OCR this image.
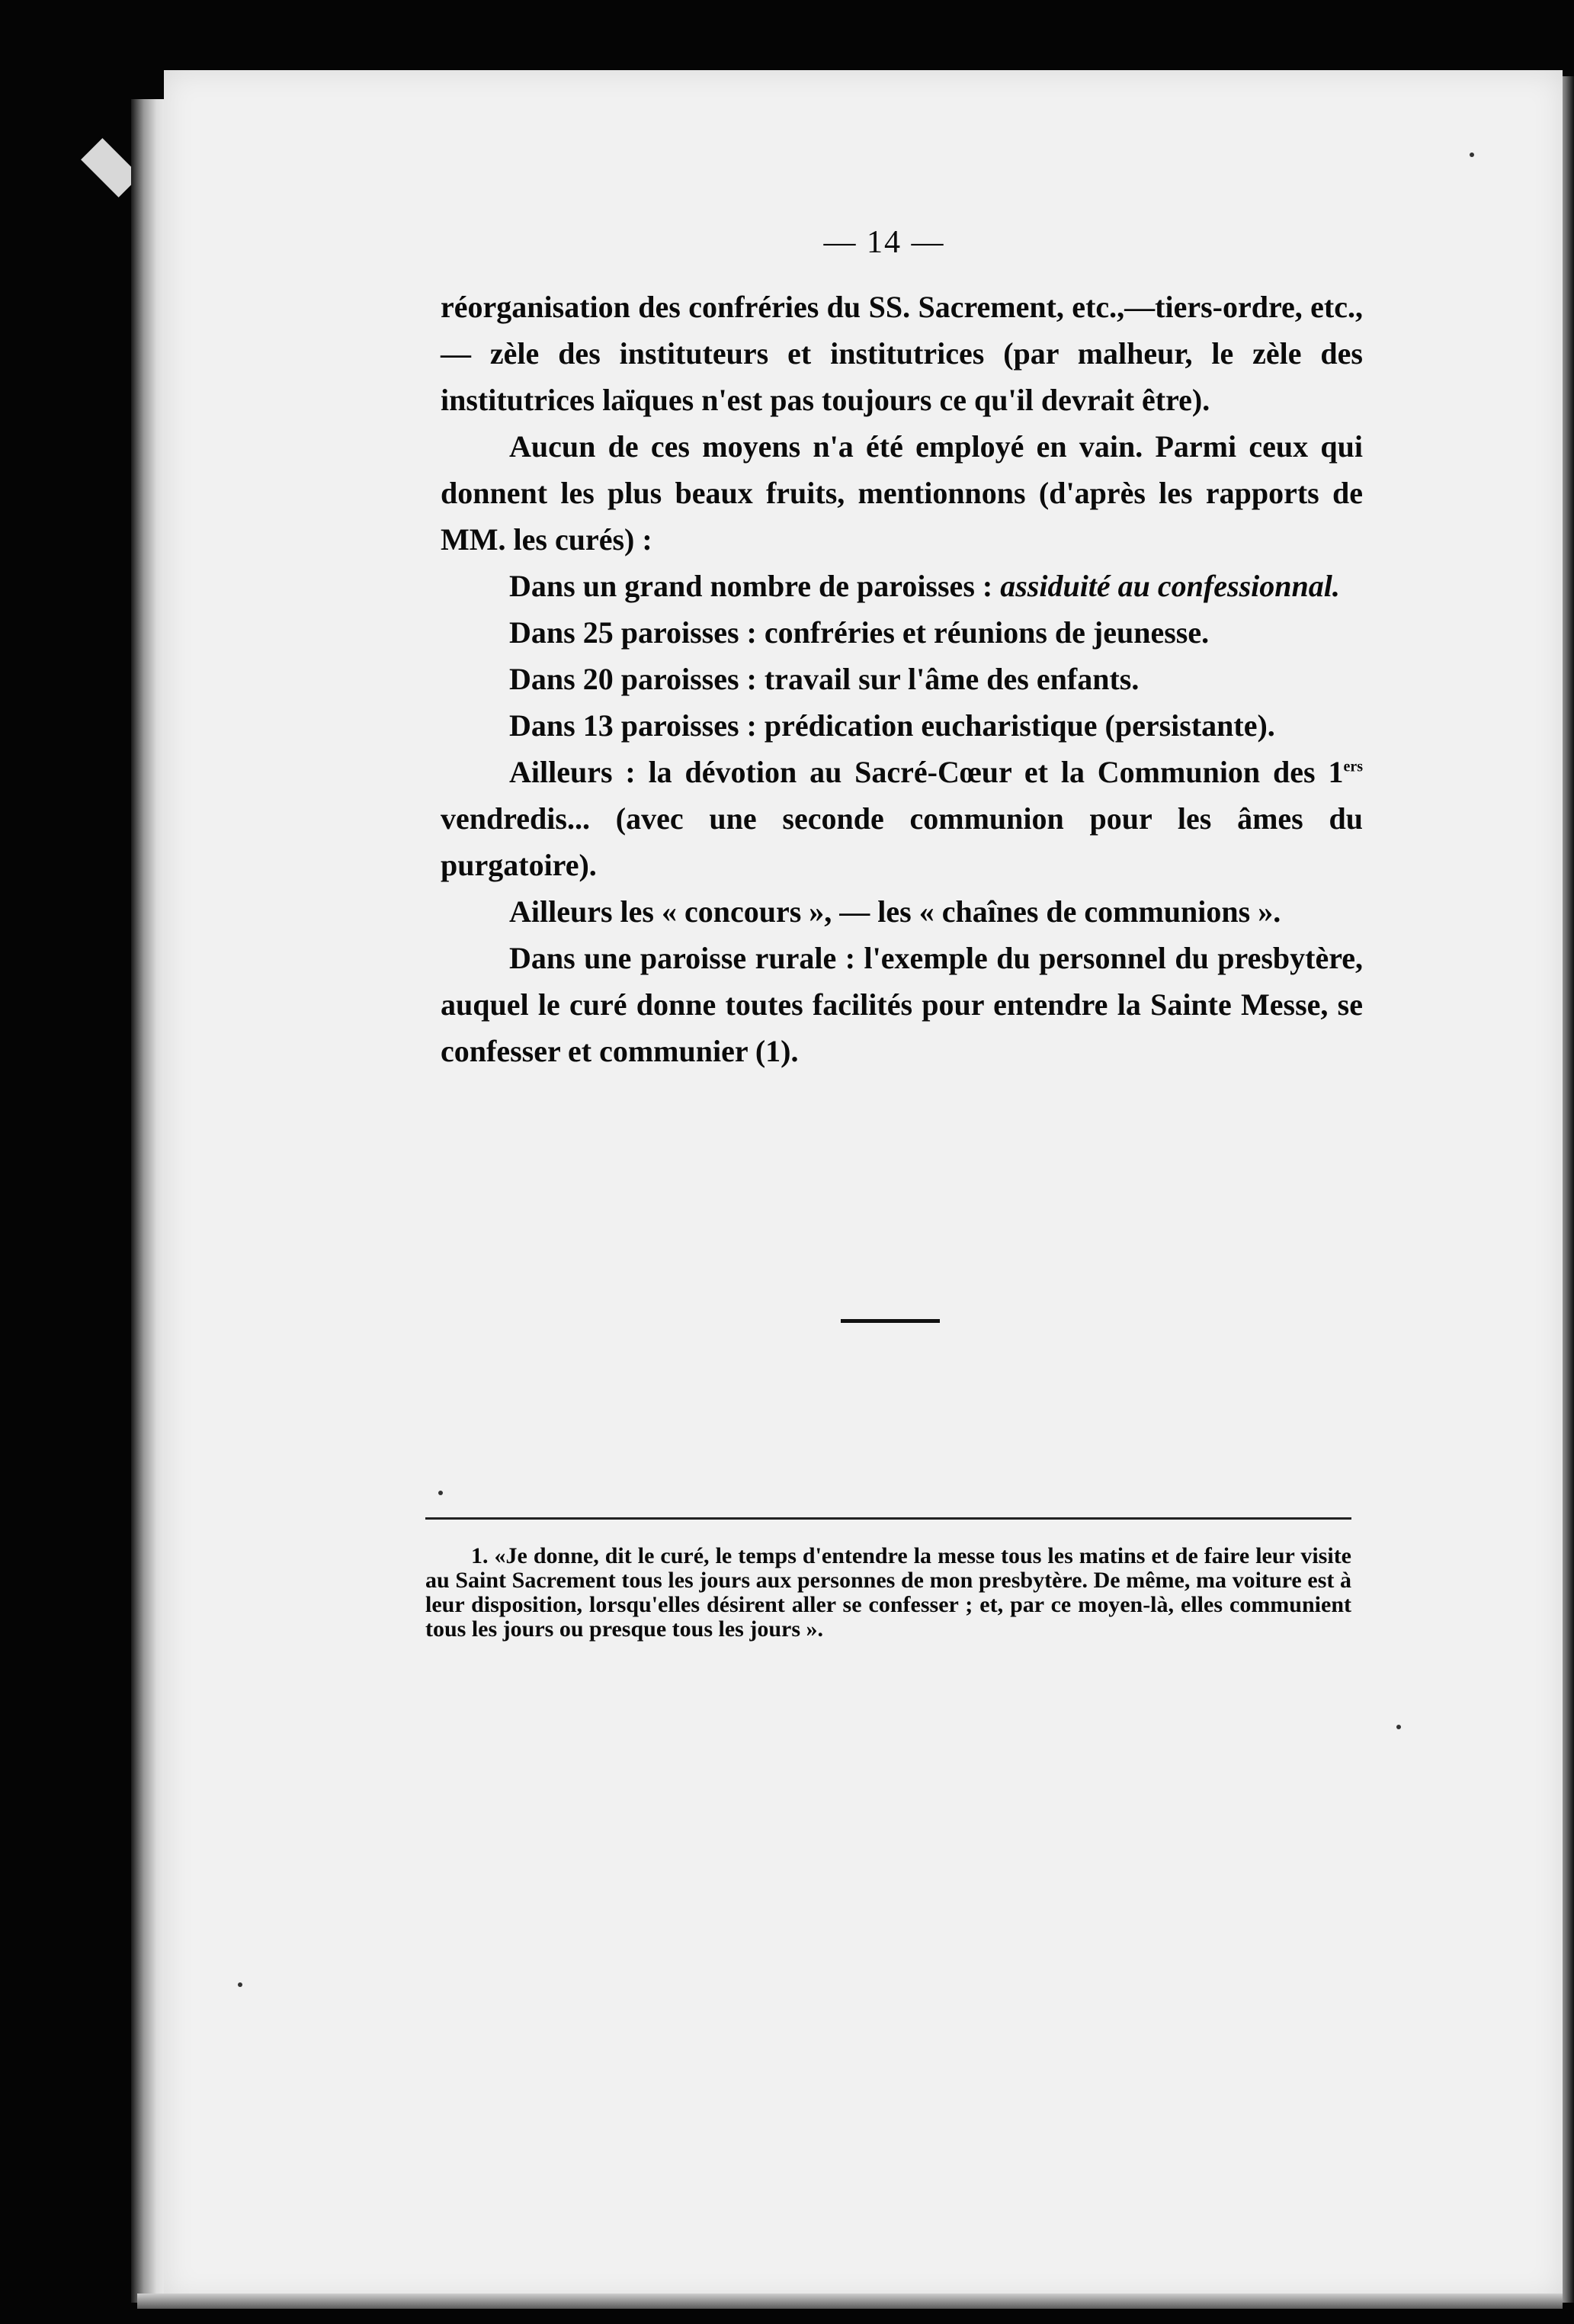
— 14 —

réorganisation des confréries du SS. Sacrement, etc.,—tiers-ordre, etc., — zèle des instituteurs et institutrices (par malheur, le zèle des institutrices laïques n'est pas toujours ce qu'il devrait être).

Aucun de ces moyens n'a été employé en vain. Parmi ceux qui donnent les plus beaux fruits, mentionnons (d'après les rapports de MM. les curés) :

Dans un grand nombre de paroisses : assiduité au confessionnal.

Dans 25 paroisses : confréries et réunions de jeunesse.

Dans 20 paroisses : travail sur l'âme des enfants.

Dans 13 paroisses : prédication eucharistique (persistante).

Ailleurs : la dévotion au Sacré-Cœur et la Communion des 1ers vendredis... (avec une seconde communion pour les âmes du purgatoire).

Ailleurs les « concours », — les « chaînes de communions ».

Dans une paroisse rurale : l'exemple du personnel du presbytère, auquel le curé donne toutes facilités pour entendre la Sainte Messe, se confesser et communier (1).

1. «Je donne, dit le curé, le temps d'entendre la messe tous les matins et de faire leur visite au Saint Sacrement tous les jours aux personnes de mon presbytère. De même, ma voiture est à leur disposition, lorsqu'elles désirent aller se confesser ; et, par ce moyen-là, elles communient tous les jours ou presque tous les jours ».
